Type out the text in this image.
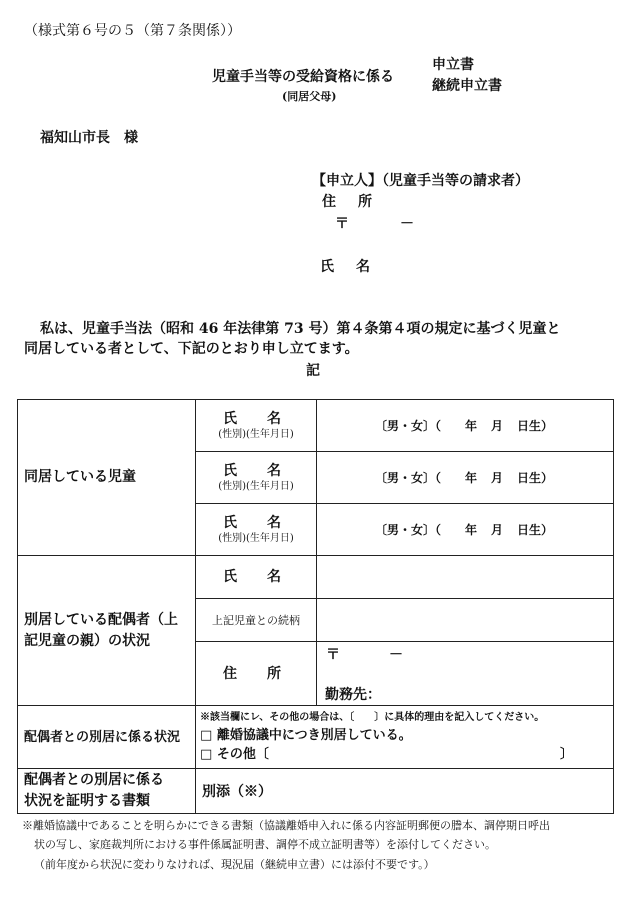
（様式第６号の５（第７条関係））
児童手当等の受給資格に係る
(同居父母)
申立書
継続申立書
福知山市長　様
【申立人】（児童手当等の請求者）
住　所
〒	－
氏　名
私は、児童手当法（昭和 46 年法律第 73 号）第４条第４項の規定に基づく児童と
同居している者として、下記のとおり申し立てます。
記
同居している児童	氏　名
(性別)(生年月日)	〔男・女〕（ 年 月 日生）

	氏　名
(性別)(生年月日)	〔男・女〕（ 年 月 日生）

	氏　名
(性別)(生年月日)	〔男・女〕（ 年 月 日生）
別居している配偶者（上
記児童の親）の状況	氏　名	

	上記児童との続柄	

	住　所	〒 －
勤務先：

配偶者との別居に係る状況	※該当欄にレ、その他の場合は、〔　　〕に具体的理由を記入してください。
□ 離婚協議中につき別居している。
□ その他〔 〕	

配偶者との別居に係る
状況を証明する書類	別添（※）	
※離婚協議中であることを明らかにできる書類（協議離婚申入れに係る内容証明郵便の謄本、調停期日呼出
状の写し、家庭裁判所における事件係属証明書、調停不成立証明書等）を添付してください。
（前年度から状況に変わりなければ、現況届（継続申立書）には添付不要です。）
